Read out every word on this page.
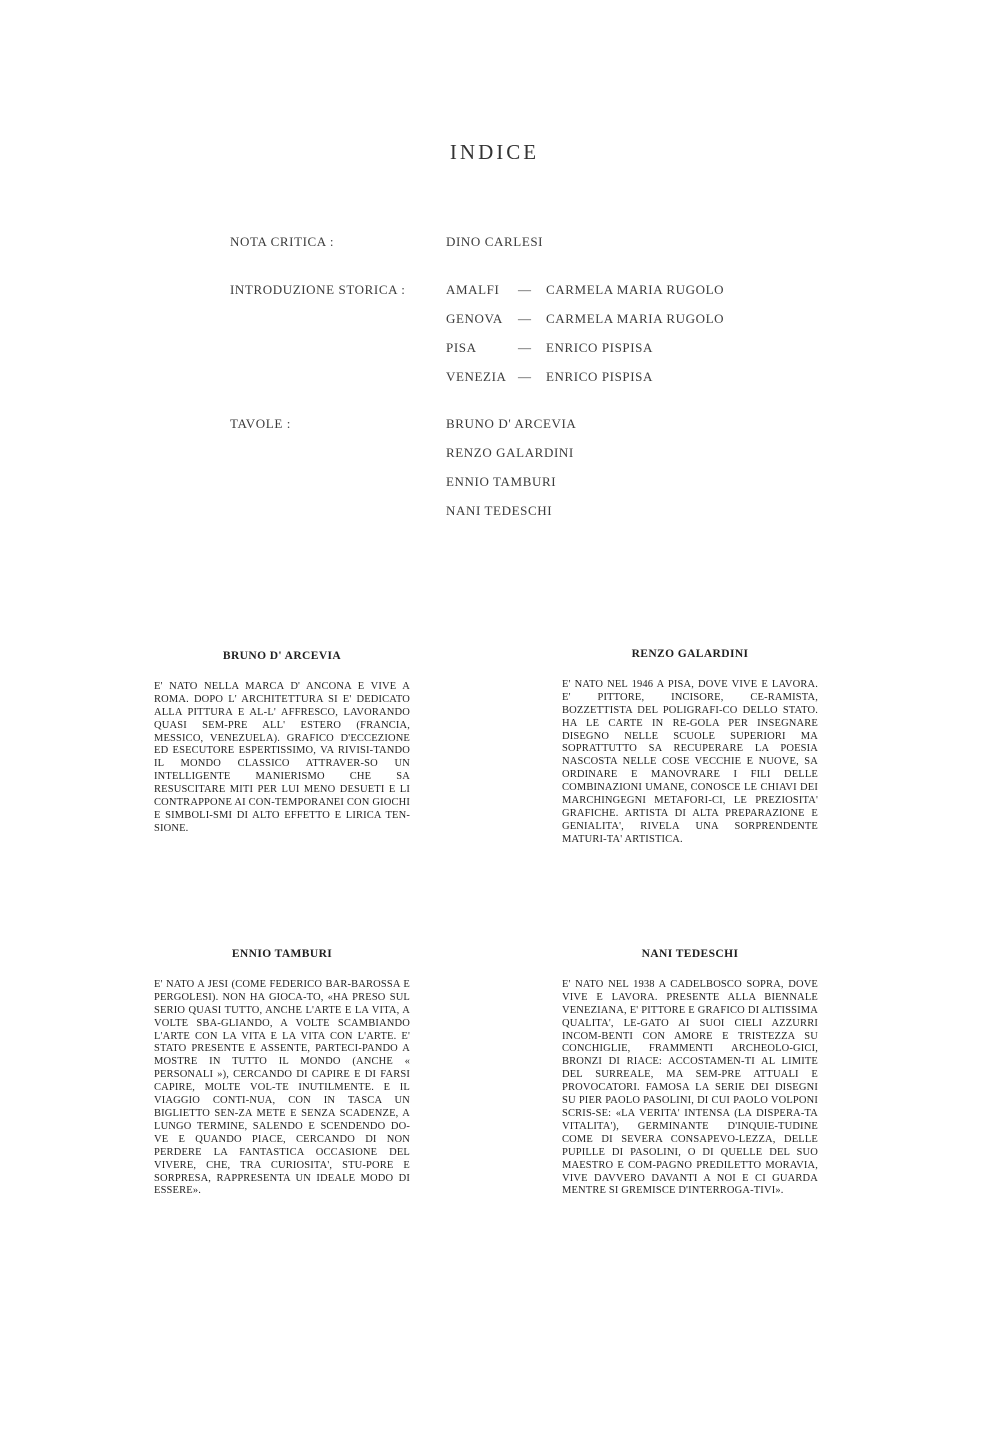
INDICE
NOTA CRITICA :	DINO CARLESI
INTRODUZIONE STORICA :	AMALFI	—	CARMELA MARIA RUGOLO
GENOVA	—	CARMELA MARIA RUGOLO
PISA	—	ENRICO PISPISA
VENEZIA —	ENRICO PISPISA
TAVOLE :	BRUNO D' ARCEVIA
RENZO GALARDINI
ENNIO TAMBURI
NANI TEDESCHI
BRUNO D' ARCEVIA

E' NATO NELLA MARCA D' ANCONA E VIVE A ROMA. DOPO L' ARCHITETTURA SI E' DEDICATO ALLA PITTURA E AL-L' AFFRESCO, LAVORANDO QUASI SEM-PRE ALL' ESTERO (FRANCIA, MESSICO, VENEZUELA). GRAFICO D'ECCEZIONE ED ESECUTORE ESPERTISSIMO, VA RIVISI-TANDO IL MONDO CLASSICO ATTRAVER-SO UN INTELLIGENTE MANIERISMO CHE SA RESUSCITARE MITI PER LUI MENO DESUETI E LI CONTRAPPONE AI CON-TEMPORANEI CON GIOCHI E SIMBOLI-SMI DI ALTO EFFETTO E LIRICA TEN-SIONE.

RENZO GALARDINI

E' NATO NEL 1946 A PISA, DOVE VIVE E LAVORA. E' PITTORE, INCISORE, CE-RAMISTA, BOZZETTISTA DEL POLIGRAFI-CO DELLO STATO. HA LE CARTE IN RE-GOLA PER INSEGNARE DISEGNO NELLE SCUOLE SUPERIORI MA SOPRATTUTTO SA RECUPERARE LA POESIA NASCOSTA NELLE COSE VECCHIE E NUOVE, SA ORDINARE E MANOVRARE I FILI DELLE COMBINAZIONI UMANE, CONOSCE LE CHIAVI DEI MARCHINGEGNI METAFORI-CI, LE PREZIOSITA' GRAFICHE. ARTISTA DI ALTA PREPARAZIONE E GENIALITA', RIVELA UNA SORPRENDENTE MATURI-TA' ARTISTICA.

ENNIO TAMBURI

E' NATO A JESI (COME FEDERICO BAR-BAROSSA E PERGOLESI). NON HA GIOCA-TO, «HA PRESO SUL SERIO QUASI TUTTO, ANCHE L'ARTE E LA VITA, A VOLTE SBA-GLIANDO, A VOLTE SCAMBIANDO L'ARTE CON LA VITA E LA VITA CON L'ARTE. E' STATO PRESENTE E ASSENTE, PARTECI-PANDO A MOSTRE IN TUTTO IL MONDO (ANCHE « PERSONALI »), CERCANDO DI CAPIRE E DI FARSI CAPIRE, MOLTE VOL-TE INUTILMENTE. E IL VIAGGIO CONTI-NUA, CON IN TASCA UN BIGLIETTO SEN-ZA METE E SENZA SCADENZE, A LUNGO TERMINE, SALENDO E SCENDENDO DO-VE E QUANDO PIACE, CERCANDO DI NON PERDERE LA FANTASTICA OCCASIONE DEL VIVERE, CHE, TRA CURIOSITA', STU-PORE E SORPRESA, RAPPRESENTA UN IDEALE MODO DI ESSERE».

NANI TEDESCHI

E' NATO NEL 1938 A CADELBOSCO SOPRA, DOVE VIVE E LAVORA. PRESENTE ALLA BIENNALE VENEZIANA, E' PITTORE E GRAFICO DI ALTISSIMA QUALITA', LE-GATO AI SUOI CIELI AZZURRI INCOM-BENTI CON AMORE E TRISTEZZA SU CONCHIGLIE, FRAMMENTI ARCHEOLO-GICI, BRONZI DI RIACE: ACCOSTAMEN-TI AL LIMITE DEL SURREALE, MA SEM-PRE ATTUALI E PROVOCATORI. FAMOSA LA SERIE DEI DISEGNI SU PIER PAOLO PASOLINI, DI CUI PAOLO VOLPONI SCRIS-SE: «LA VERITA' INTENSA (LA DISPERA-TA VITALITA'), GERMINANTE D'INQUIE-TUDINE COME DI SEVERA CONSAPEVO-LEZZA, DELLE PUPILLE DI PASOLINI, O DI QUELLE DEL SUO MAESTRO E COM-PAGNO PREDILETTO MORAVIA, VIVE DAVVERO DAVANTI A NOI E CI GUARDA MENTRE SI GREMISCE D'INTERROGA-TIVI».
